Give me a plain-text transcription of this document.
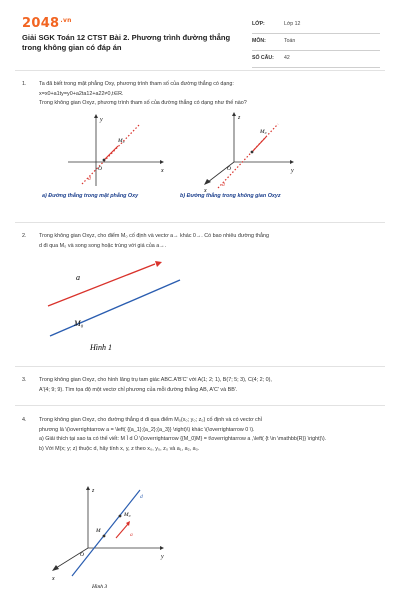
$2048^{.vn}$
Giải SGK Toán 12 CTST Bài 2. Phương trình đường thẳng trong không gian có đáp án
LỚP:	Lớp 12
MÔN:	Toán
SỐ CÂU: 42
1. Ta đã biết trong mặt phẳng Oxy, phương trình tham số của đường thẳng có dạng:
x=x0+a1ty=y0+a2ta12+a22≠0,t∈R.
Trong không gian Oxyz, phương trình tham số của đường thẳng có dạng như thế nào?
y
x
O
M₀
d
a) Đường thẳng trong mặt phẳng Oxy
z
y
x
O
M₀
d
b) Đường thẳng trong không gian Oxyz
2. Trong không gian Oxyz, cho điểm M₀ cố định và vectơ a→ khác 0→. Có bao nhiêu đường thẳng
d đi qua M₀ và song song hoặc trùng với giá của a→.
a
M₀
Hình 1
3. Trong không gian Oxyz, cho hình lăng trụ tam giác ABC.A'B'C' với A(1; 2; 1), B(7; 5; 3), C(4; 2; 0),
A'(4; 9; 9). Tìm tọa độ một vectơ chỉ phương của mỗi đường thẳng AB, A'C' và BB'.
4. Trong không gian Oxyz, cho đường thẳng d đi qua điểm M₀(x₀; y₀; z₀) cố định và có vectơ chỉ
phương là \(\overrightarrow a = \left( {{a_1};{a_2};{a_3}} \right)\) khác \(\overrightarrow 0 \).
a) Giải thích tại sao ta có thể viết: M Î d Û \(\overrightarrow {{M_0}M} = t\overrightarrow a ,\left( {t \in \mathbb{R}} \right)\).
b) Với M(x; y; z) thuộc d, hãy tính x, y, z theo x₀, y₀, z₀ và a₁, a₂, a₃.
z
y
x
O
M
M₀
d
a
Hình 3
